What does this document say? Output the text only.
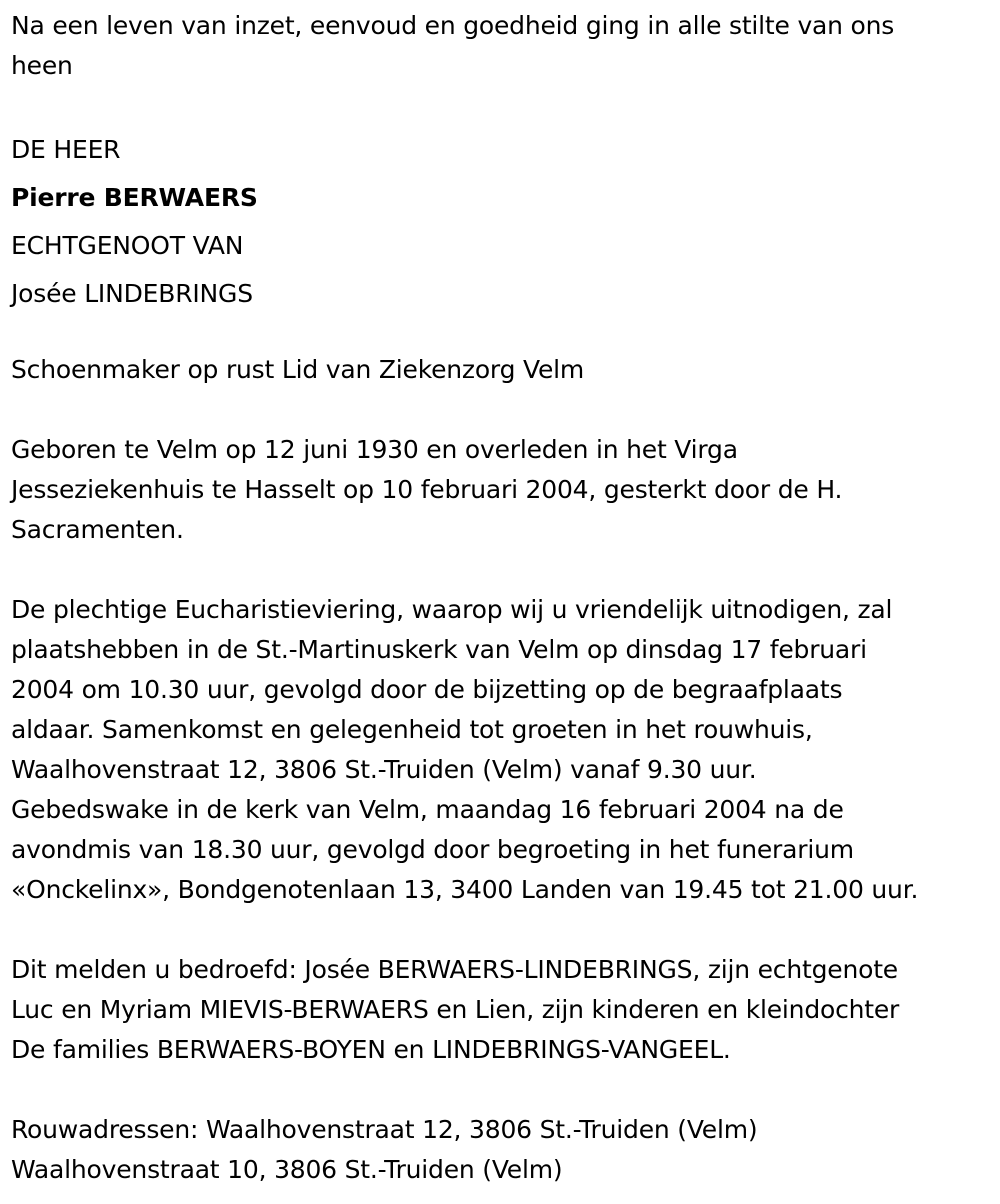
Na een leven van inzet, eenvoud en goedheid ging in alle stilte van ons
heen
DE HEER
Pierre BERWAERS
ECHTGENOOT VAN
Josée LINDEBRINGS
Schoenmaker op rust Lid van Ziekenzorg Velm
Geboren te Velm op 12 juni 1930 en overleden in het Virga
Jesseziekenhuis te Hasselt op 10 februari 2004, gesterkt door de H.
Sacramenten.
De plechtige Eucharistieviering, waarop wij u vriendelijk uitnodigen, zal
plaatshebben in de St.-Martinuskerk van Velm op dinsdag 17 februari
2004 om 10.30 uur, gevolgd door de bijzetting op de begraafplaats
aldaar. Samenkomst en gelegenheid tot groeten in het rouwhuis,
Waalhovenstraat 12, 3806 St.-Truiden (Velm) vanaf 9.30 uur.
Gebedswake in de kerk van Velm, maandag 16 februari 2004 na de
avondmis van 18.30 uur, gevolgd door begroeting in het funerarium
«Onckelinx», Bondgenotenlaan 13, 3400 Landen van 19.45 tot 21.00 uur.
Dit melden u bedroefd: Josée BERWAERS-LINDEBRINGS, zijn echtgenote
Luc en Myriam MIEVIS-BERWAERS en Lien, zijn kinderen en kleindochter
De families BERWAERS-BOYEN en LINDEBRINGS-VANGEEL.
Rouwadressen: Waalhovenstraat 12, 3806 St.-Truiden (Velm)
Waalhovenstraat 10, 3806 St.-Truiden (Velm)
